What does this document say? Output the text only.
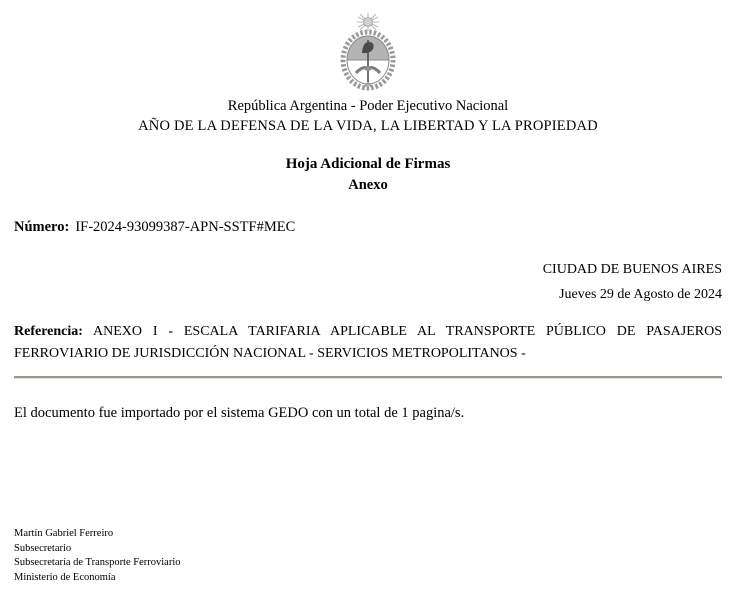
República Argentina - Poder Ejecutivo Nacional
AÑO DE LA DEFENSA DE LA VIDA, LA LIBERTAD Y LA PROPIEDAD
Hoja Adicional de Firmas
Anexo
Número: IF-2024-93099387-APN-SSTF#MEC
CIUDAD DE BUENOS AIRES
Jueves 29 de Agosto de 2024
Referencia: ANEXO I - ESCALA TARIFARIA APLICABLE AL TRANSPORTE PÚBLICO DE PASAJEROS
FERROVIARIO DE JURISDICCIÓN NACIONAL - SERVICIOS METROPOLITANOS -
El documento fue importado por el sistema GEDO con un total de 1 pagina/s.
Martín Gabriel Ferreiro
Subsecretario
Subsecretaría de Transporte Ferroviario
Ministerio de Economía
